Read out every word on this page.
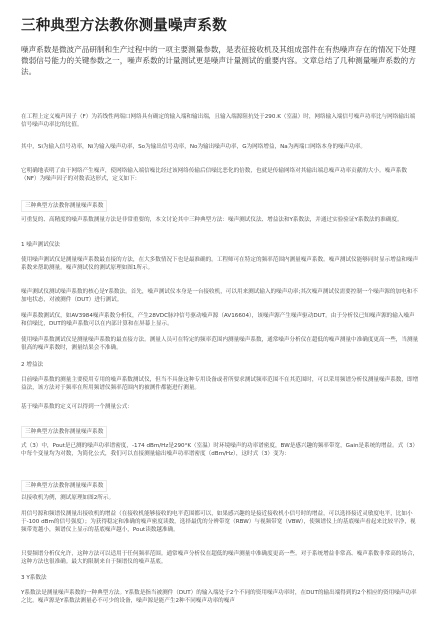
三种典型方法教你测量噪声系数

噪声系数是微波产品研制和生产过程中的一项主要测量参数，是表征接收机及其组成部件在有热噪声存在的情况下处理微弱信号能力的关键参数之一，噪声系数的计量测试更是噪声计量测试的重要内容。文章总结了几种测量噪声系数的方法。

在工程上定义噪声因子（F）为若线性两端口网络具有确定的输入端和输出端，且输入端源阻抗处于290.K（室温）时，网络输入端信号噪声功率比与网络输出端信号噪声功率比的比值。

其中，Si为输入信号功率，Ni为输入噪声功率，So为输出信号功率，No为输出噪声功率，G为网络增益，Na为两端口网络本身的噪声功率。

它明确地表明了由于网络产生噪声，使网络输入端信噪比经过该网络传输后信噪比恶化的倍数，也就是传输网络对其输出端总噪声功率贡献的大小。噪声系数（NF）为噪声因子的对数表达形式，定义如下：

三种典型方法教你测量噪声系数

可重复的、高精度的噪声系数测量方法是非常重要的，本文讨论其中三种典型方法：噪声测试仪法、增益法和Y系数法，并通过实验验证Y系数法的准确度。

1 噪声测试仪法

使用噪声测试仪是测量噪声系数最直接的方法，在大多数情况下也是最准确的。工程师可在特定的频率范围内测量噪声系数。噪声测试仪能够同时显示增益和噪声系数来帮助测量。噪声测试仪的测试原理如图1所示。

噪声测试仪测试噪声系数的核心是Y系数法。首先，噪声测试仪本身是一台接收机，可以用来测试输入的噪声功率;其次噪声测试仪需要控制一个噪声源的加电和不加电状态，对被测件（DUT）进行测试。

噪声系数测试仪，如AV3984噪声系数分析仪，产生28VDC脉冲信号驱动噪声源（AV16604），该噪声源产生噪声驱动DUT。由于分析仪已知噪声源的输入噪声和信噪比，DUT的噪声系数可以在内部计算和在屏幕上显示。

使用噪声系数测试仪是测量噪声系数的最直接方法。测量人员可在特定的频率范围内测量噪声系数，通常噪声分析仪在超低的噪声测量中准确度更高一些，当测量很高的噪声系数时，测量结果会不准确。

2 增益法

目前噪声系数的测量主要使用专用的噪声系数测试仪，但当不具备这种专用设备或者所要求测试频率范围不在其范围时，可以采用频谱分析仪测量噪声系数，即增益法，该方法对于频率在所用频谱仪频率范围内的被测件都能进行测量。

基于噪声系数的定义可以得到一个测量公式：

三种典型方法教你测量噪声系数

式（3）中，Pout是已测的噪声功率谱密度，-174 dBm/Hz是290°K（室温）时环境噪声的功率谱密度，BW是感兴趣的频率带宽，Gain是系统的增益。式（3）中每个变量均为对数，为简化公式，我们可以直接测量输出噪声功率谱密度（dBm/Hz），这时式（3）变为：

三种典型方法教你测量噪声系数

以接收机为例，测试原理如图2所示。

用信号源和频谱仪测量出接收机的增益（在接收机能够接收的电平范围都可以，如果感兴趣的是接近接收机小信号时的增益，可以选择接近灵敏度电平，比如小于-100 dBm的信号强度）；为获得稳定和准确的噪声密度读数，选择最优的分辨带宽（RBW）与视频带宽（VBW），使频谱仪上的基底噪声看起来比较平净，视频带宽越小，频谱仪上显示的基底噪声越小，Pout读数越准确。

只要频谱分析仪允许，这种方法可以适用于任何频率范围。通常噪声分析仪在超低的噪声测量中准确度更高一些。对于系统增益非常高、噪声系数非常高的场合，这种方法也很准确。最大的限制来自于频谱仪的噪声基底。

3 Y系数法

Y系数法是测量噪声系数的一种典型方法。Y系数是指当被测件（DUT）的输入端处于2个不同的资用噪声功率时，在DUT的输出端得到的2个相应的资用噪声功率之比。噪声源是Y系数法测量必不可少的设备，噪声源是能产生2种不同噪声功率的噪声
